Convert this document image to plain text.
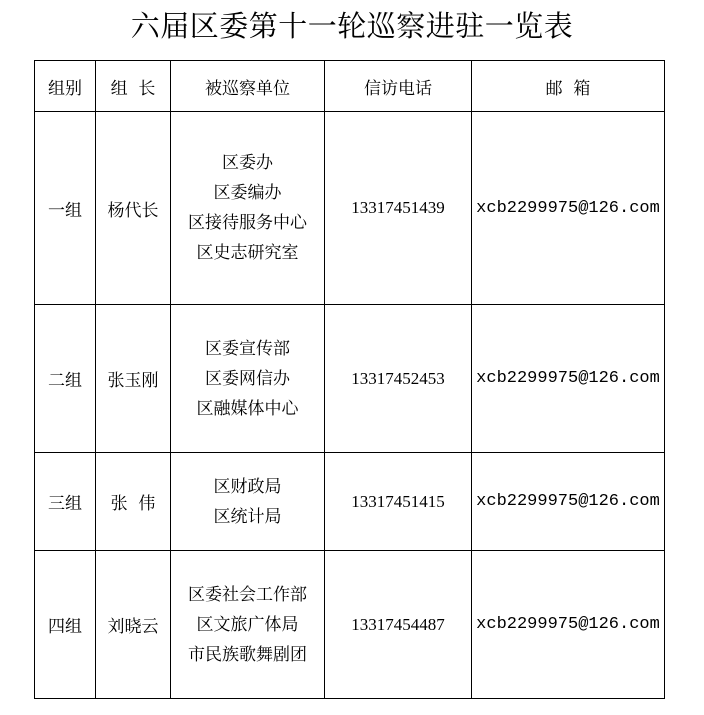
六届区委第十一轮巡察进驻一览表
组别	组  长	被巡察单位	信访电话	邮  箱
一组	杨代长	区委办
区委编办
区接待服务中心
区史志研究室	13317451439	xcb2299975@126.com
二组	张玉刚	区委宣传部
区委网信办
区融媒体中心	13317452453	xcb2299975@126.com
三组	张  伟	区财政局
区统计局	13317451415	xcb2299975@126.com
四组	刘晓云	区委社会工作部
区文旅广体局
市民族歌舞剧团	13317454487	xcb2299975@126.com
